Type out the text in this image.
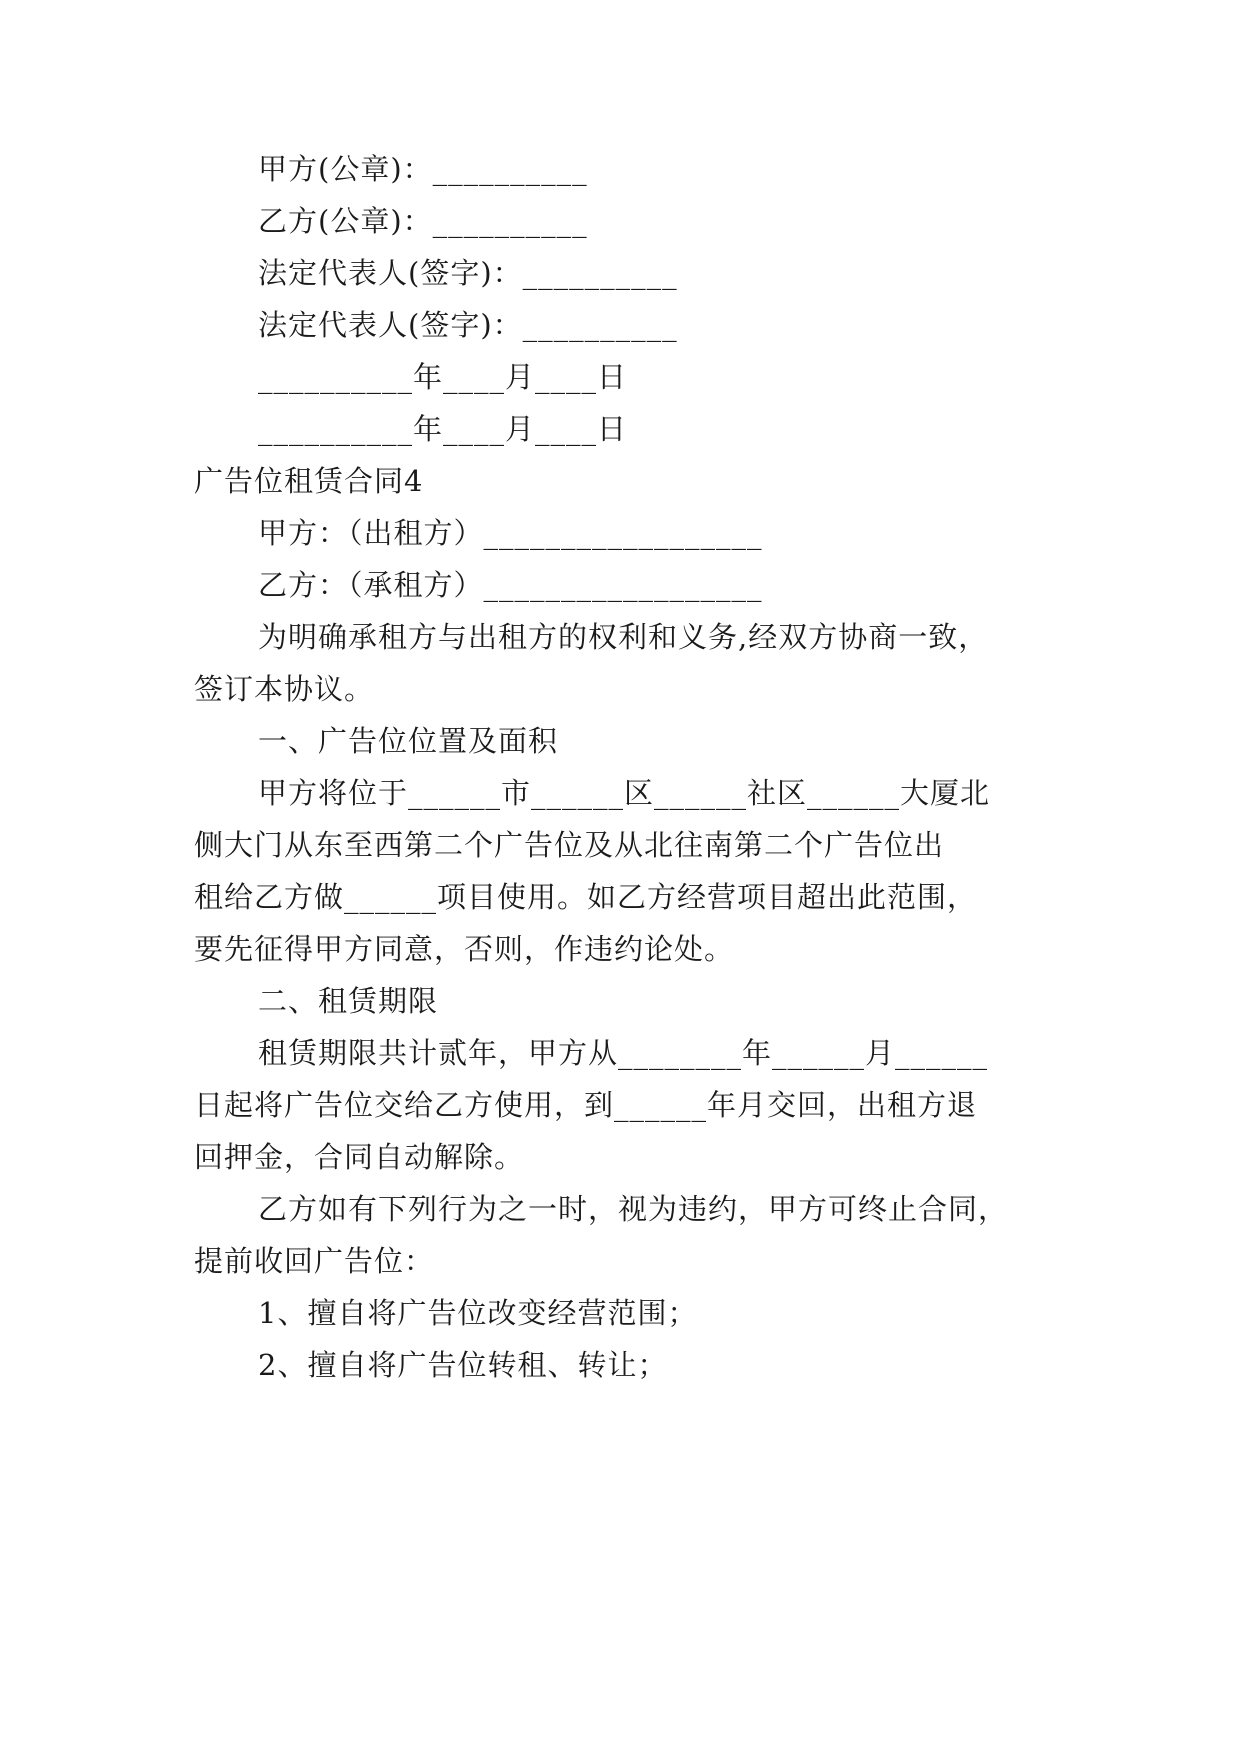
甲方(公章)：__________
乙方(公章)：__________
法定代表人(签字)：__________
法定代表人(签字)：__________
__________年____月____日
__________年____月____日
广告位租赁合同4
甲方：（出租方）__________________
乙方：（承租方）__________________
为明确承租方与出租方的权利和义务,经双方协商一致，
签订本协议。
一、广告位位置及面积
甲方将位于______市______区______社区______大厦北
侧大门从东至西第二个广告位及从北往南第二个广告位出
租给乙方做______项目使用。如乙方经营项目超出此范围，
要先征得甲方同意，否则，作违约论处。
二、租赁期限
租赁期限共计贰年，甲方从________年______月______
日起将广告位交给乙方使用，到______年月交回，出租方退
回押金，合同自动解除。
乙方如有下列行为之一时，视为违约，甲方可终止合同，
提前收回广告位：
1、擅自将广告位改变经营范围；
2、擅自将广告位转租、转让；
